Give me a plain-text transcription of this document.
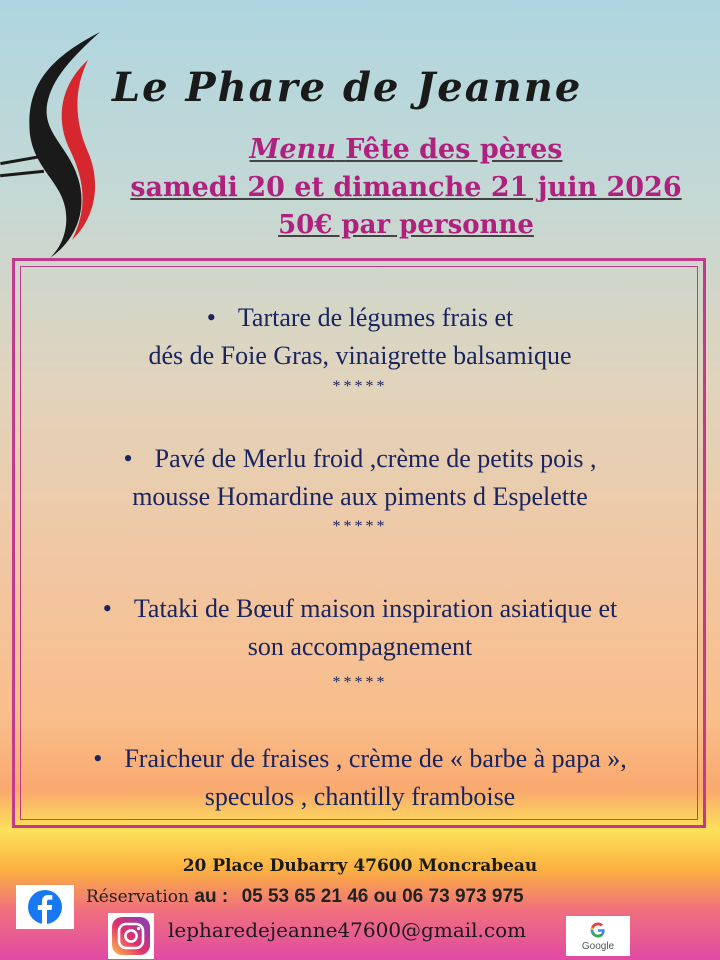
Le Phare de Jeanne
Menu Fête des pères
samedi 20 et dimanche 21 juin 2026
50€ par personne
• Tartare de légumes frais et
dés de Foie Gras, vinaigrette balsamique
*****
• Pavé de Merlu froid ,crème de petits pois ,
mousse Homardine aux piments d Espelette
*****
• Tataki de Bœuf maison inspiration asiatique et
son accompagnement
*****
• Fraicheur de fraises , crème de « barbe à papa »,
speculos , chantilly framboise
20 Place Dubarry 47600 Moncrabeau
Réservation au : 05 53 65 21 46 ou 06 73 973 975
lepharedejeanne47600@gmail.com
Google
